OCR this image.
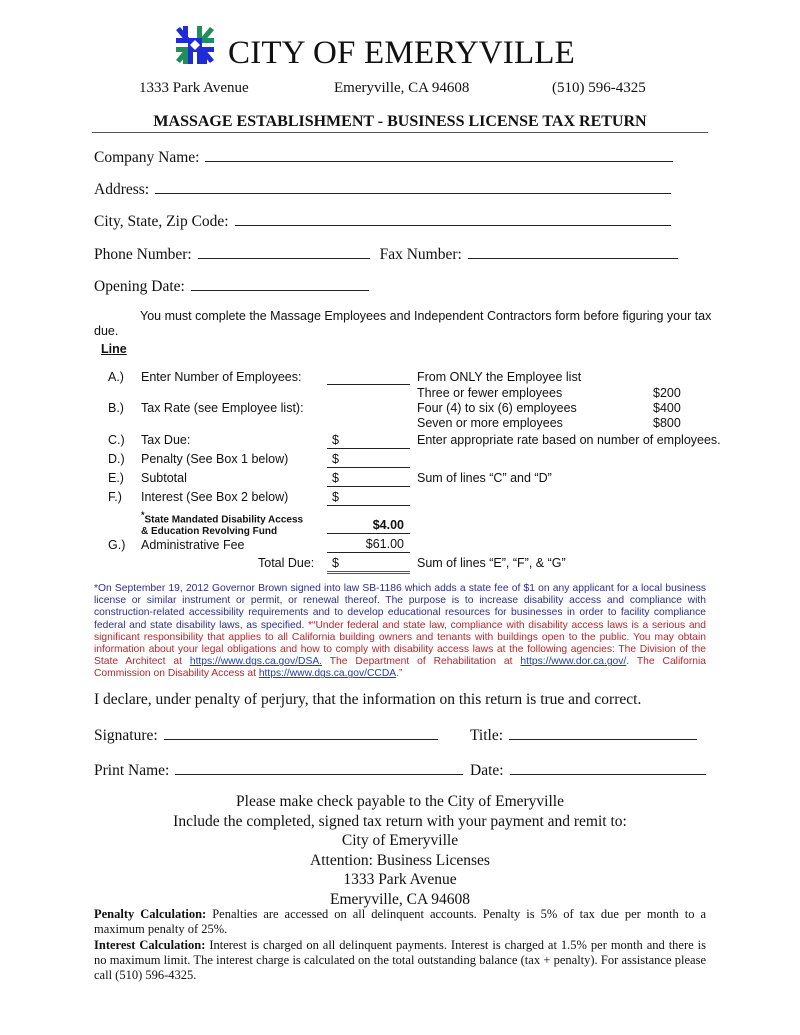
CITY OF EMERYVILLE
1333 Park Avenue	Emeryville, CA 94608	(510) 596-4325
MASSAGE ESTABLISHMENT - BUSINESS LICENSE TAX RETURN
Company Name:
Address:
City, State, Zip Code:
Phone Number:	Fax Number:
Opening Date:
You must complete the Massage Employees and Independent Contractors form before figuring your tax due.
Line
A.) Enter Number of Employees:	From ONLY the Employee list
Three or fewer employees	$200
Four (4) to six (6) employees	$400
Seven or more employees	$800
B.) Tax Rate (see Employee list):
C.) Tax Due:	$	Enter appropriate rate based on number of employees.
D.) Penalty (See Box 1 below)	$
E.) Subtotal	$	Sum of lines “C” and “D”
F.) Interest (See Box 2 below)	$
*State Mandated Disability Access
& Education Revolving Fund	$4.00
G.) Administrative Fee	$61.00
Total Due: $	Sum of lines “E”, “F”, & “G”
*On September 19, 2012 Governor Brown signed into law SB-1186 which adds a state fee of $1 on any applicant for a local business license or similar instrument or permit, or renewal thereof. The purpose is to increase disability access and compliance with construction-related accessibility requirements and to develop educational resources for businesses in order to facility compliance federal and state disability laws, as specified. *“Under federal and state law, compliance with disability access laws is a serious and significant responsibility that applies to all California building owners and tenants with buildings open to the public. You may obtain information about your legal obligations and how to comply with disability access laws at the following agencies: The Division of the State Architect at https://www.dgs.ca.gov/DSA. The Department of Rehabilitation at https://www.dor.ca.gov/. The California Commission on Disability Access at https://www.dgs.ca.gov/CCDA.”
I declare, under penalty of perjury, that the information on this return is true and correct.
Signature:	Title:
Print Name:	Date:
Please make check payable to the City of Emeryville
Include the completed, signed tax return with your payment and remit to:
City of Emeryville
Attention: Business Licenses
1333 Park Avenue
Emeryville, CA 94608
Penalty Calculation: Penalties are accessed on all delinquent accounts. Penalty is 5% of tax due per month to a maximum penalty of 25%.
Interest Calculation: Interest is charged on all delinquent payments. Interest is charged at 1.5% per month and there is no maximum limit. The interest charge is calculated on the total outstanding balance (tax + penalty). For assistance please call (510) 596-4325.
